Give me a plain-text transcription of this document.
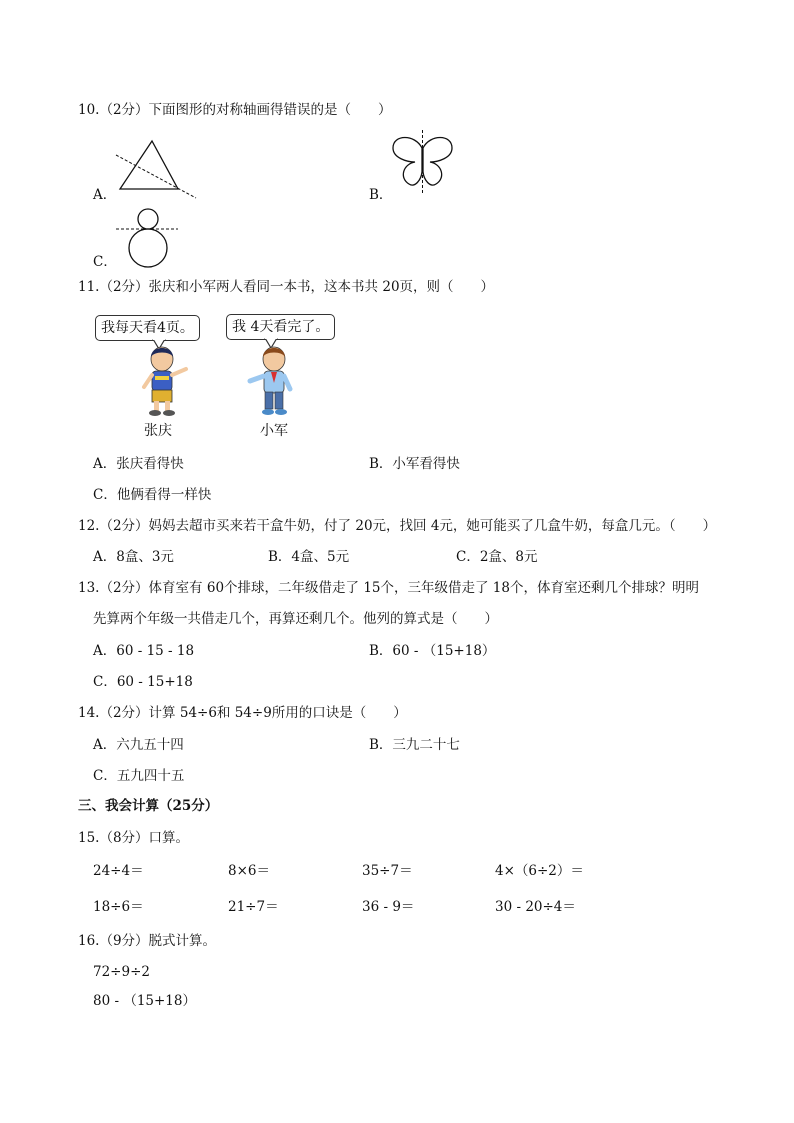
10.（2分）下面图形的对称轴画得错误的是（　　）
A．	B．
C．
11.（2分）张庆和小军两人看同一本书，这本书共 20页，则（　　）
我每天看4页。	我 4天看完了。
张庆	小军
A．张庆看得快	B．小军看得快
C．他俩看得一样快
12.（2分）妈妈去超市买来若干盒牛奶，付了 20元，找回 4元，她可能买了几盒牛奶，每盒几元。（　　）
A．8盒、3元	B．4盒、5元	C．2盒、8元
13.（2分）体育室有 60个排球，二年级借走了 15个，三年级借走了 18个，体育室还剩几个排球？明明
先算两个年级一共借走几个，再算还剩几个。他列的算式是（　　）
A．60 - 15 - 18	B．60 - （15+18）
C．60 - 15+18
14.（2分）计算 54÷6和 54÷9所用的口诀是（　　）
A．六九五十四	B．三九二十七
C．五九四十五
三、我会计算（25分）
15.（8分）口算。
24÷4＝	8×6＝	35÷7＝	4×（6÷2）＝
18÷6＝	21÷7＝	36 - 9＝	30 - 20÷4＝
16.（9分）脱式计算。
72÷9÷2
80 - （15+18）
